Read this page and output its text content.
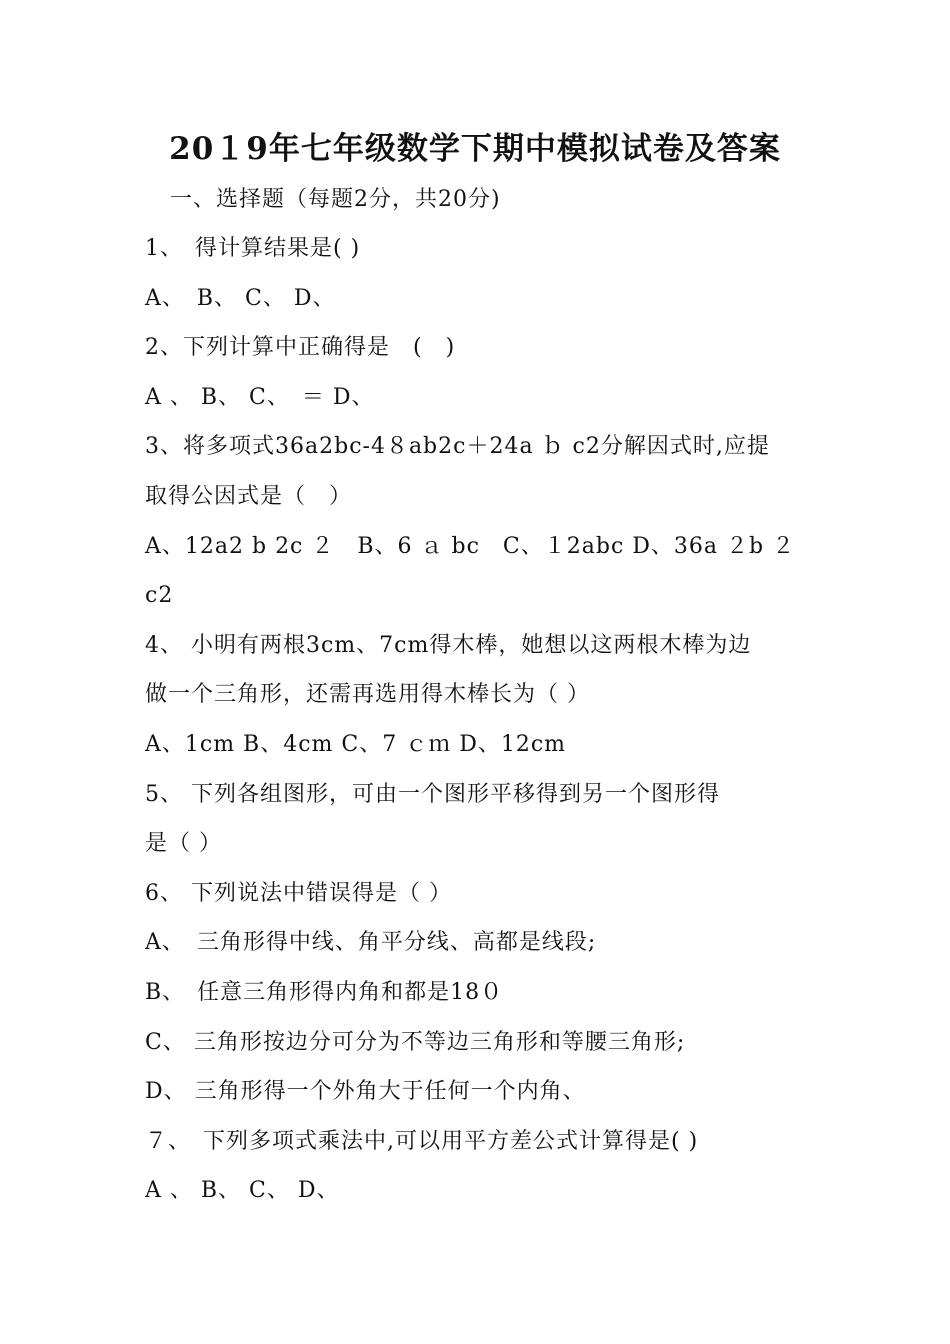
20１9年七年级数学下期中模拟试卷及答案
一、选择题（每题2分，共20分)
1、　得计算结果是( )
A、　B、 C、 D、
2、下列计算中正确得是　(　)
A 、 B、 C、　＝ D、
3、将多项式36a2bc-4８ab2c＋24a ｂ c2分解因式时,应提
取得公因式是（　）
A、12a2 b 2c ２　B、6 ａ bc　C、１2abc D、36a ２b ２
c2
4、 小明有两根3cm、7cm得木棒，她想以这两根木棒为边
做一个三角形，还需再选用得木棒长为（ ）
A、1cm B、4cm C、7 ｃｍ D、12cm
5、 下列各组图形，可由一个图形平移得到另一个图形得
是（ ）
6、 下列说法中错误得是（ ）
A、　三角形得中线、角平分线、高都是线段;
B、　任意三角形得内角和都是18０
C、 三角形按边分可分为不等边三角形和等腰三角形;
D、 三角形得一个外角大于任何一个内角、
７、　下列多项式乘法中,可以用平方差公式计算得是( )
A 、 B、 C、 D、
